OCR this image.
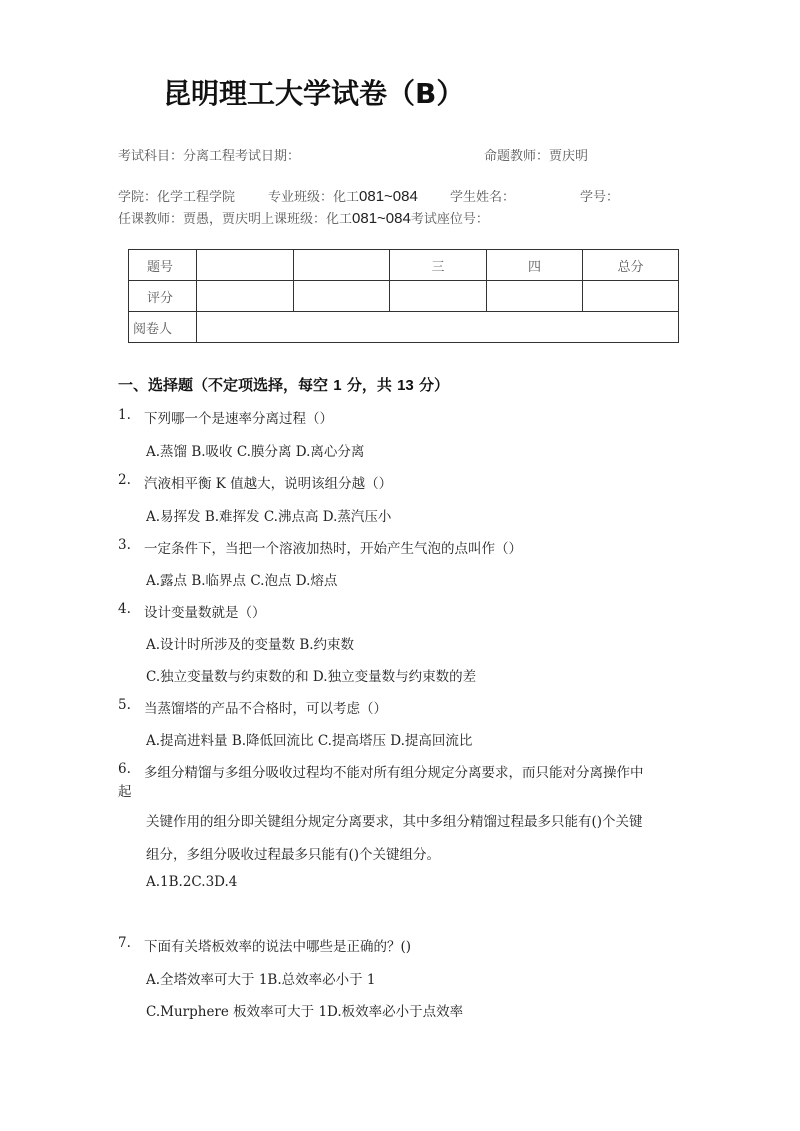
昆明理工大学试卷（B）
考试科目：分离工程考试日期：	命题教师：贾庆明
学院：化学工程学院	专业班级：化工081~084 学生姓名：	学号：
任课教师：贾愚，贾庆明上课班级：化工081~084考试座位号：
题号			三	四	总分
评分					
阅卷人					
一、选择题（不定项选择，每空 1 分，共 13 分）
1. 下列哪一个是速率分离过程（）
A.蒸馏 B.吸收 C.膜分离 D.离心分离
2. 汽液相平衡 K 值越大，说明该组分越（）
A.易挥发 B.难挥发 C.沸点高 D.蒸汽压小
3. 一定条件下，当把一个溶液加热时，开始产生气泡的点叫作（）
A.露点 B.临界点 C.泡点 D.熔点
4. 设计变量数就是（）
A.设计时所涉及的变量数 B.约束数
C.独立变量数与约束数的和 D.独立变量数与约束数的差
5. 当蒸馏塔的产品不合格时，可以考虑（）
A.提高进料量 B.降低回流比 C.提高塔压 D.提高回流比
6. 多组分精馏与多组分吸收过程均不能对所有组分规定分离要求，而只能对分离操作中
起
关键作用的组分即关键组分规定分离要求，其中多组分精馏过程最多只能有()个关键
组分，多组分吸收过程最多只能有()个关键组分。
A.1B.2C.3D.4
7. 下面有关塔板效率的说法中哪些是正确的？()
A.全塔效率可大于 1B.总效率必小于 1
C.Murphere 板效率可大于 1D.板效率必小于点效率
